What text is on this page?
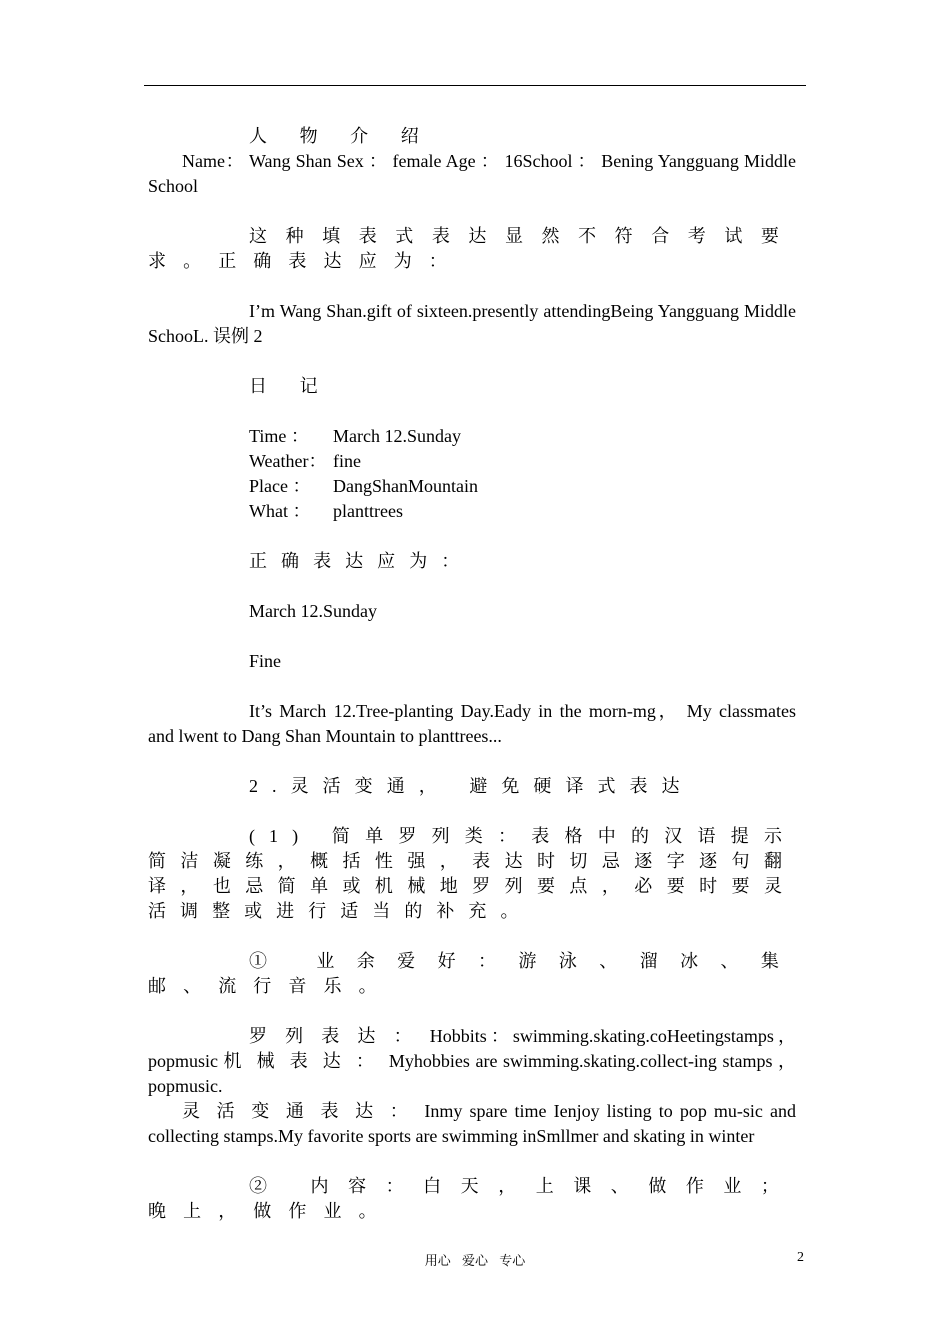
人 物 介 绍

Name： Wang Shan Sex ： female Age ： 16School ： Bening Yangguang Middle School

这种填表式表达显然不符合考试要求。正确表达应为：

I’m Wang Shan.gift of sixteen.presently attendingBeing Yangguang Middle SchooL. 误例 2

日 记

Time ： March 12.Sunday
Weather： fine
Place ： DangShanMountain
What ： planttrees

正确表达应为：

March 12.Sunday

Fine

It’s March 12.Tree-planting Day.Eady in the morn-mg， My classmates and lwent to Dang Shan Mountain to planttrees...

2.灵活变通， 避免硬译式表达

(1) 简单罗列类：表格中的汉语提示简洁凝练，概括性强，表达时切忌逐字逐句翻译，也忌简单或机械地罗列要点，必要时要灵活调整或进行适当的补充。

① 业余爱好：游泳、溜冰、集邮、流行音乐。

罗列表达：Hobbits：swimming.skating.coHeetingstamps， popmusic 机械表达：Myhobbies are swimming.skating.collect-ing stamps ， popmusic.
灵活变通表达：Inmy spare time Ienjoy listing to pop mu-sic and collecting stamps.My favorite sports are swimming inSmllmer and skating in winter

② 内容：白天，上课、做作业；晚上，做作业。

用心 爱心 专心	2
